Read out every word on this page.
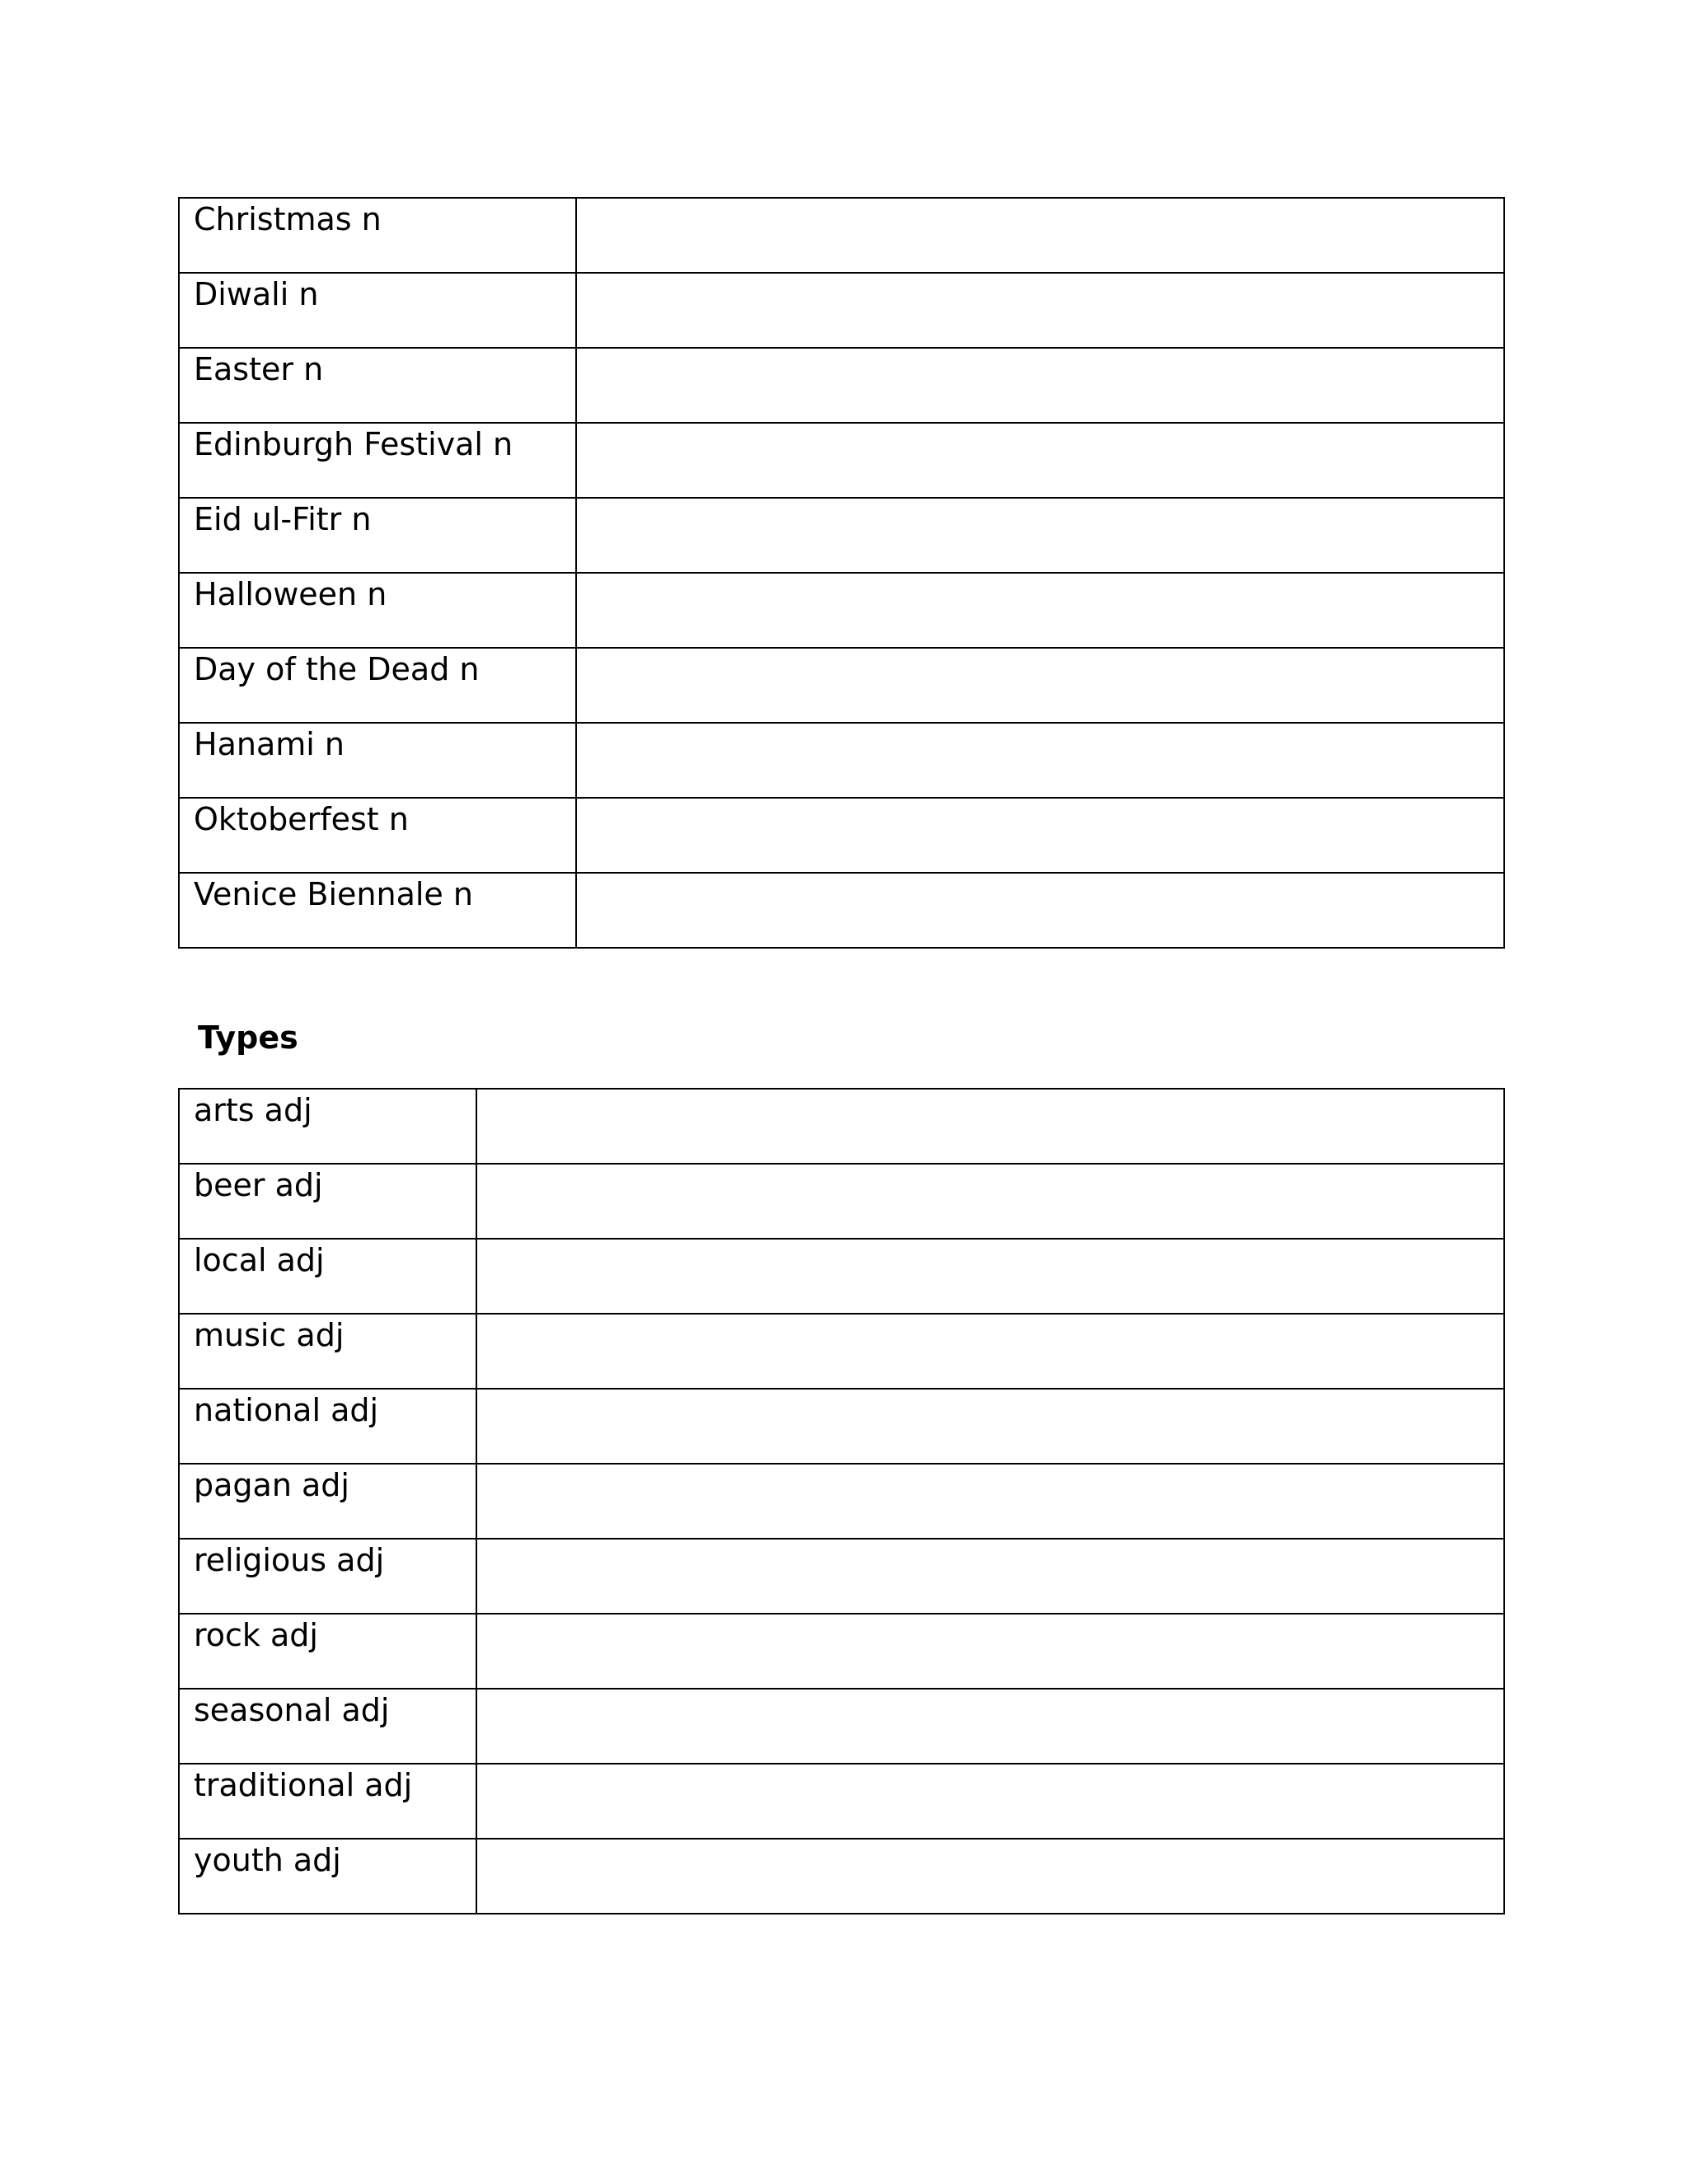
Christmas n	
Diwali n	
Easter n	
Edinburgh Festival n	
Eid ul-Fitr n	
Halloween n	
Day of the Dead n	
Hanami n	
Oktoberfest n	
Venice Biennale n	
Types
arts adj	
beer adj	
local adj	
music adj	
national adj	
pagan adj	
religious adj	
rock adj	
seasonal adj	
traditional adj	
youth adj	
